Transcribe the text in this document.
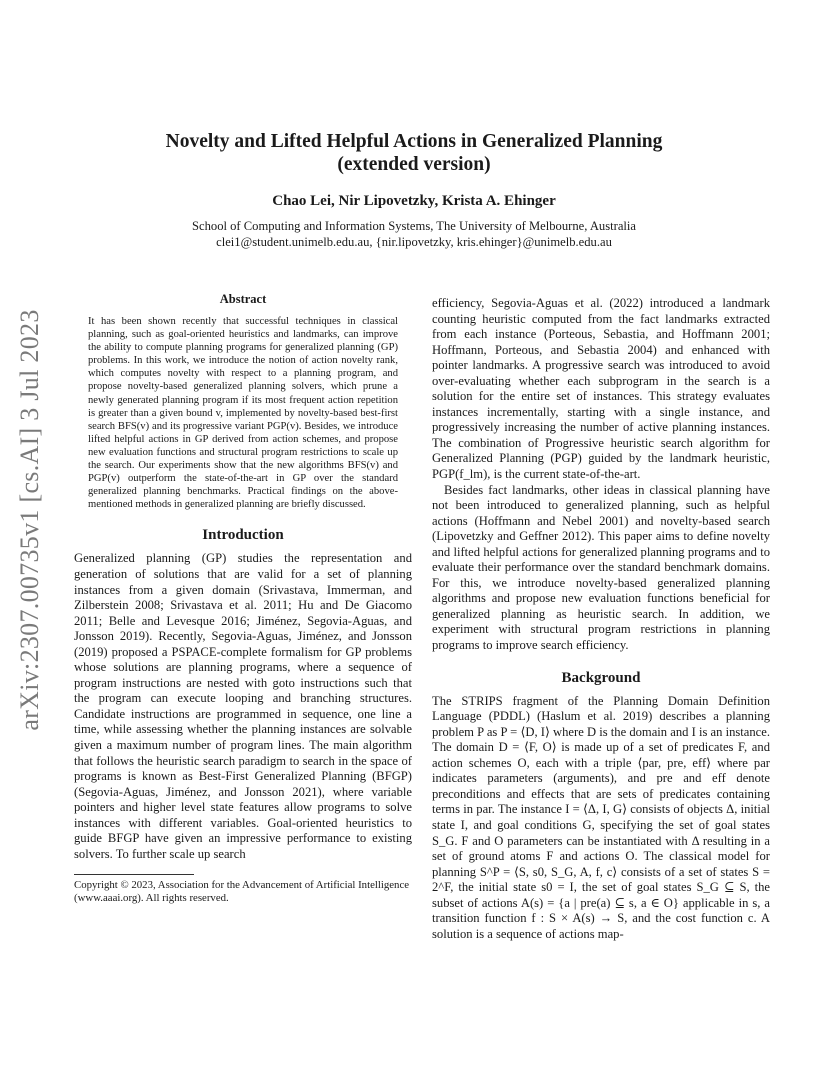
arXiv:2307.00735v1 [cs.AI] 3 Jul 2023
Novelty and Lifted Helpful Actions in Generalized Planning
(extended version)
Chao Lei, Nir Lipovetzky, Krista A. Ehinger
School of Computing and Information Systems, The University of Melbourne, Australia
clei1@student.unimelb.edu.au, {nir.lipovetzky, kris.ehinger}@unimelb.edu.au
Abstract

It has been shown recently that successful techniques in classical planning, such as goal-oriented heuristics and landmarks, can improve the ability to compute planning programs for generalized planning (GP) problems. In this work, we introduce the notion of action novelty rank, which computes novelty with respect to a planning program, and propose novelty-based generalized planning solvers, which prune a newly generated planning program if its most frequent action repetition is greater than a given bound v, implemented by novelty-based best-first search BFS(v) and its progressive variant PGP(v). Besides, we introduce lifted helpful actions in GP derived from action schemes, and propose new evaluation functions and structural program restrictions to scale up the search. Our experiments show that the new algorithms BFS(v) and PGP(v) outperform the state-of-the-art in GP over the standard generalized planning benchmarks. Practical findings on the above-mentioned methods in generalized planning are briefly discussed.

Introduction

Generalized planning (GP) studies the representation and generation of solutions that are valid for a set of planning instances from a given domain (Srivastava, Immerman, and Zilberstein 2008; Srivastava et al. 2011; Hu and De Giacomo 2011; Belle and Levesque 2016; Jiménez, Segovia-Aguas, and Jonsson 2019). Recently, Segovia-Aguas, Jiménez, and Jonsson (2019) proposed a PSPACE-complete formalism for GP problems whose solutions are planning programs, where a sequence of program instructions are nested with goto instructions such that the program can execute looping and branching structures. Candidate instructions are programmed in sequence, one line a time, while assessing whether the planning instances are solvable given a maximum number of program lines. The main algorithm that follows the heuristic search paradigm to search in the space of programs is known as Best-First Generalized Planning (BFGP) (Segovia-Aguas, Jiménez, and Jonsson 2021), where variable pointers and higher level state features allow programs to solve instances with different variables. Goal-oriented heuristics to guide BFGP have given an impressive performance to existing solvers. To further scale up search

Copyright © 2023, Association for the Advancement of Artificial Intelligence (www.aaai.org). All rights reserved.

efficiency, Segovia-Aguas et al. (2022) introduced a landmark counting heuristic computed from the fact landmarks extracted from each instance (Porteous, Sebastia, and Hoffmann 2001; Hoffmann, Porteous, and Sebastia 2004) and enhanced with pointer landmarks. A progressive search was introduced to avoid over-evaluating whether each subprogram in the search is a solution for the entire set of instances. This strategy evaluates instances incrementally, starting with a single instance, and progressively increasing the number of active planning instances. The combination of Progressive heuristic search algorithm for Generalized Planning (PGP) guided by the landmark heuristic, PGP(f_lm), is the current state-of-the-art.

Besides fact landmarks, other ideas in classical planning have not been introduced to generalized planning, such as helpful actions (Hoffmann and Nebel 2001) and novelty-based search (Lipovetzky and Geffner 2012). This paper aims to define novelty and lifted helpful actions for generalized planning programs and to evaluate their performance over the standard benchmark domains. For this, we introduce novelty-based generalized planning algorithms and propose new evaluation functions beneficial for generalized planning as heuristic search. In addition, we experiment with structural program restrictions in planning programs to improve search efficiency.

Background

The STRIPS fragment of the Planning Domain Definition Language (PDDL) (Haslum et al. 2019) describes a planning problem P as P = ⟨D, I⟩ where D is the domain and I is an instance. The domain D = ⟨F, O⟩ is made up of a set of predicates F, and action schemes O, each with a triple ⟨par, pre, eff⟩ where par indicates parameters (arguments), and pre and eff denote preconditions and effects that are sets of predicates containing terms in par. The instance I = ⟨Δ, I, G⟩ consists of objects Δ, initial state I, and goal conditions G, specifying the set of goal states S_G. F and O parameters can be instantiated with Δ resulting in a set of ground atoms F and actions O. The classical model for planning S^P = ⟨S, s0, S_G, A, f, c⟩ consists of a set of states S = 2^F, the initial state s0 = I, the set of goal states S_G ⊆ S, the subset of actions A(s) = {a | pre(a) ⊆ s, a ∈ O} applicable in s, a transition function f : S × A(s) → S, and the cost function c. A solution is a sequence of actions map-
